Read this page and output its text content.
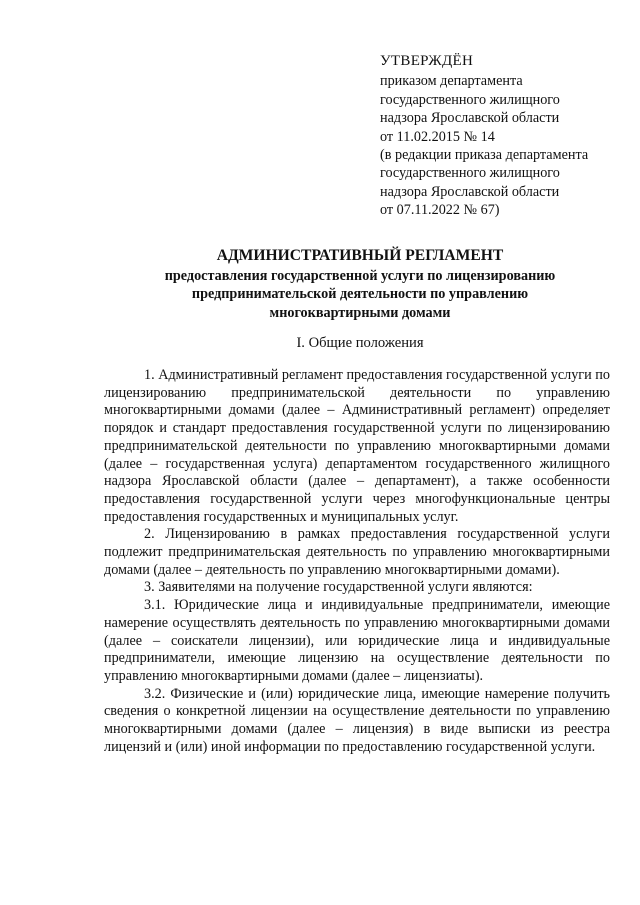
УТВЕРЖДЁН
приказом департамента
государственного жилищного
надзора Ярославской области
от 11.02.2015 № 14
(в редакции приказа департамента
государственного жилищного
надзора Ярославской области
от 07.11.2022 № 67)
АДМИНИСТРАТИВНЫЙ РЕГЛАМЕНТ
предоставления государственной услуги по лицензированию
предпринимательской деятельности по управлению
многоквартирными домами
I. Общие положения

1. Административный регламент предоставления государственной услуги по лицензированию предпринимательской деятельности по управлению многоквартирными домами (далее – Административный регламент) определяет порядок и стандарт предоставления государственной услуги по лицензированию предпринимательской деятельности по управлению многоквартирными домами (далее – государственная услуга) департаментом государственного жилищного надзора Ярославской области (далее – департамент), а также особенности предоставления государственной услуги через многофункциональные центры предоставления государственных и муниципальных услуг.

2. Лицензированию в рамках предоставления государственной услуги подлежит предпринимательская деятельность по управлению многоквартирными домами (далее – деятельность по управлению многоквартирными домами).

3. Заявителями на получение государственной услуги являются:

3.1. Юридические лица и индивидуальные предприниматели, имеющие намерение осуществлять деятельность по управлению многоквартирными домами (далее – соискатели лицензии), или юридические лица и индивидуальные предприниматели, имеющие лицензию на осуществление деятельности по управлению многоквартирными домами (далее – лицензиаты).

3.2. Физические и (или) юридические лица, имеющие намерение получить сведения о конкретной лицензии на осуществление деятельности по управлению многоквартирными домами (далее – лицензия) в виде выписки из реестра лицензий и (или) иной информации по предоставлению государственной услуги.
